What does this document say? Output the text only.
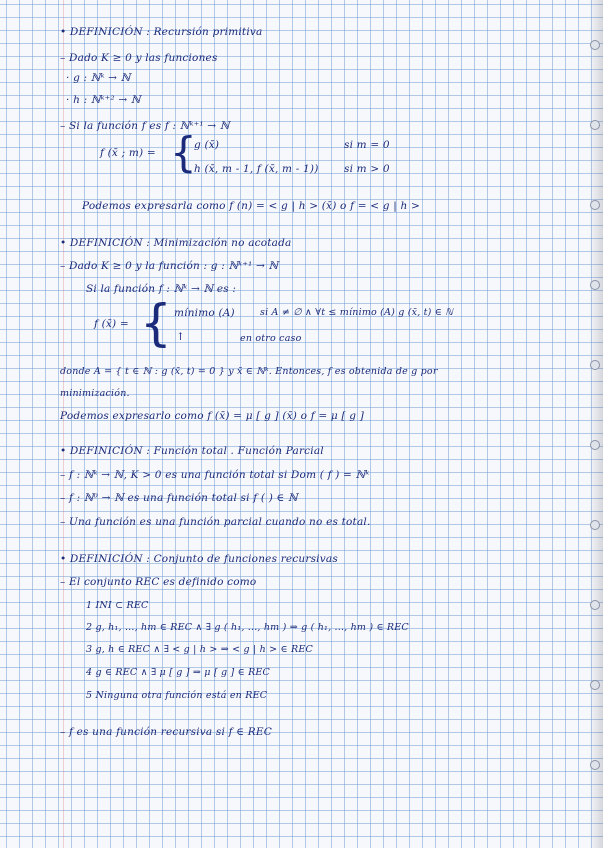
• DEFINICIÓN : Recursión primitiva
– Dado K ≥ 0 y las funciones
· g : ℕᵏ → ℕ
· h : ℕᵏ⁺² → ℕ
– Si la función f es f : ℕᵏ⁺¹ → ℕ
f (x̄ ; m) = {
g (x̄)	si m = 0
h (x̄, m - 1, f (x̄, m - 1)) si m > 0
Podemos expresarla como f (n) = < g | h > (x̄) o f = < g | h >
• DEFINICIÓN : Minimización no acotada
– Dado K ≥ 0 y la función : g : ℕᵏ⁺¹ → ℕ
Si la función f : ℕᵏ → ℕ es :
f (x̄) = { mínimo (A)	si A ≠ ∅ ∧ ∀t ≤ mínimo (A) g (x̄, t) ∈ ℕ
↑	en otro caso
donde A = { t ∈ ℕ : g (x̄, t) = 0 } y x̄ ∈ ℕᵏ. Entonces, f es obtenida de g por
minimización.
Podemos expresarlo como f (x̄) = μ [ g ] (x̄) o f = μ [ g ]
• DEFINICIÓN : Función total . Función Parcial
– f : ℕᵏ → ℕ, K > 0 es una función total si Dom ( f ) = ℕᵏ
– f : ℕ⁰ → ℕ es una función total si f ( ) ∈ ℕ
– Una función es una función parcial cuando no es total.
• DEFINICIÓN : Conjunto de funciones recursivas
– El conjunto REC es definido como
1 INI ⊂ REC
2 g, h₁, ..., hm ∈ REC ∧ ∃ g ( h₁, ..., hm ) ⇒ g ( h₁, ..., hm ) ∈ REC
3 g, h ∈ REC ∧ ∃ < g | h > ⇒ < g | h > ∈ REC
4 g ∈ REC ∧ ∃ μ [ g ] ⇒ μ [ g ] ∈ REC
5 Ninguna otra función está en REC
– f es una función recursiva si f ∈ REC
